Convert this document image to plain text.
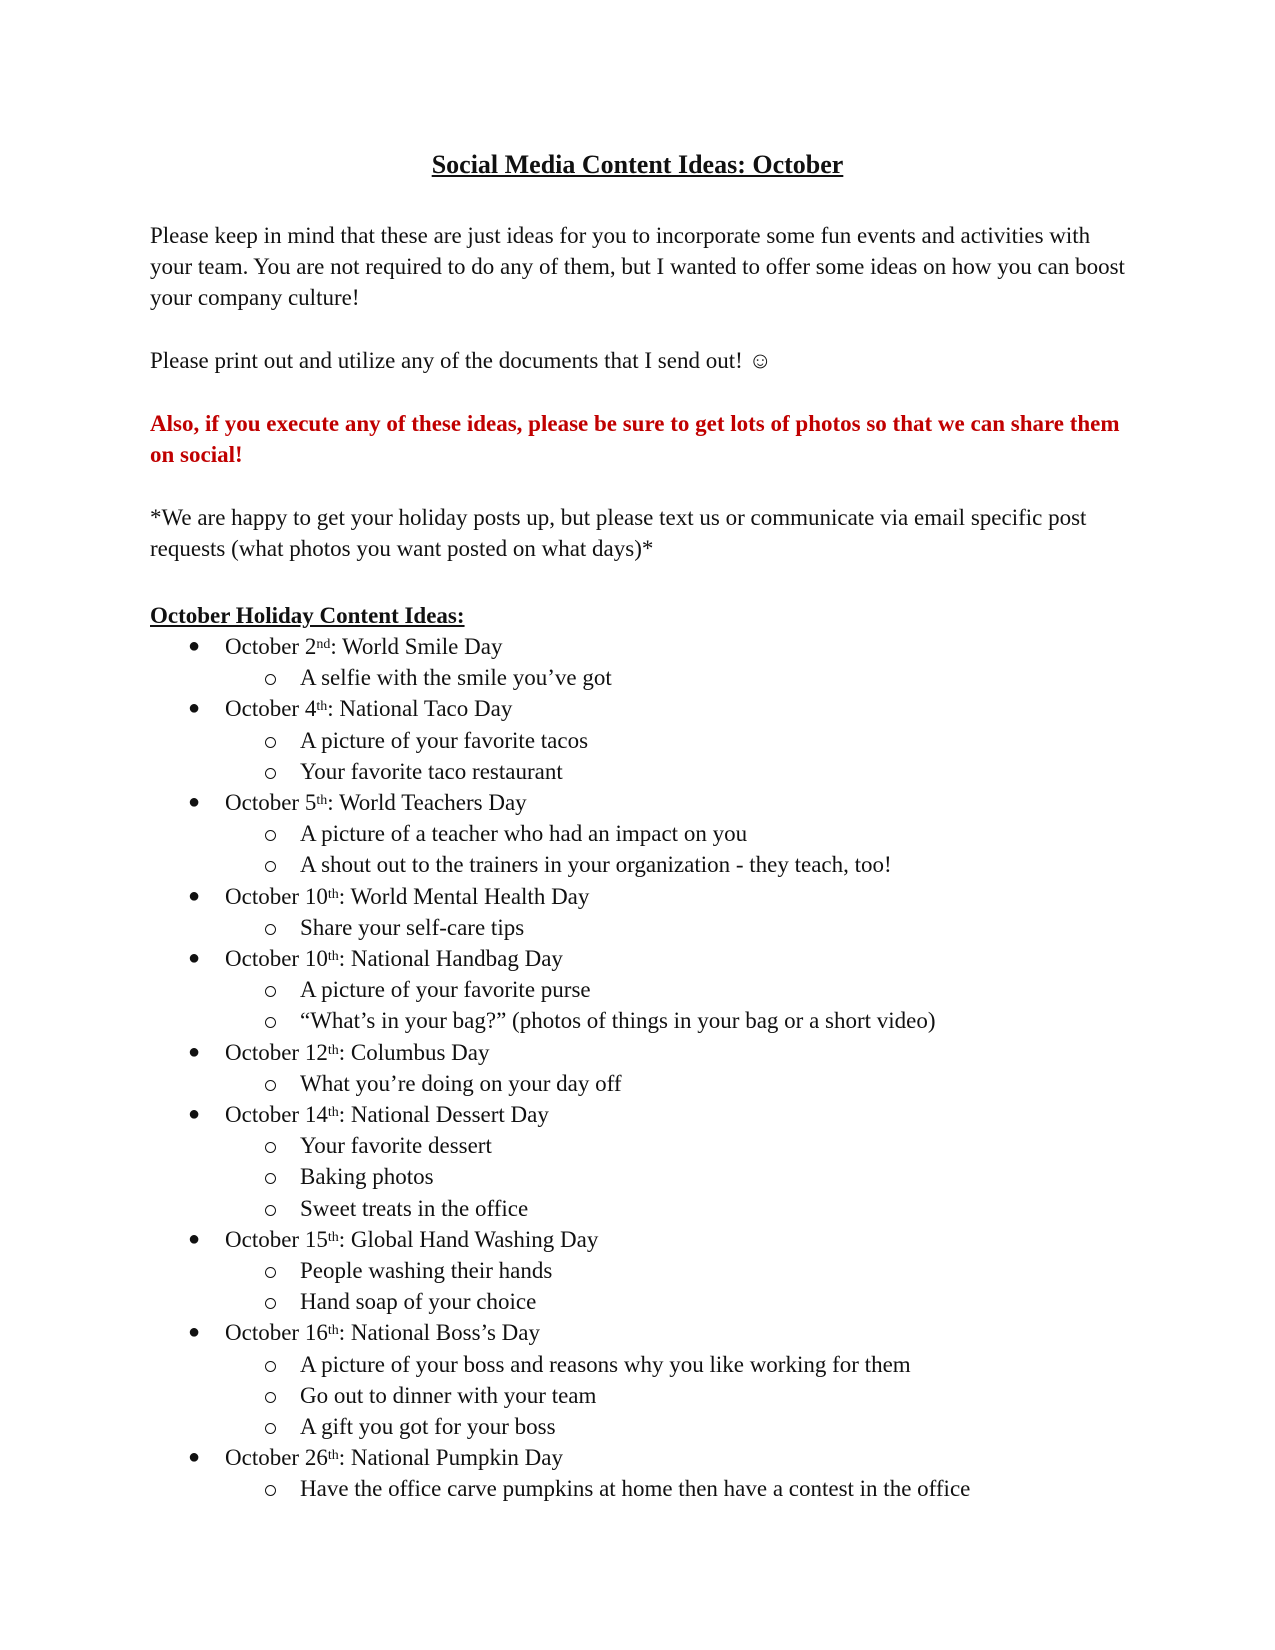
Social Media Content Ideas: October

Please keep in mind that these are just ideas for you to incorporate some fun events and activities with your team. You are not required to do any of them, but I wanted to offer some ideas on how you can boost your company culture!

Please print out and utilize any of the documents that I send out! ☺

Also, if you execute any of these ideas, please be sure to get lots of photos so that we can share them on social!

*We are happy to get your holiday posts up, but please text us or communicate via email specific post requests (what photos you want posted on what days)*

October Holiday Content Ideas:
● October 2nd: World Smile Day
A selfie with the smile you’ve got
● October 4th: National Taco Day
A picture of your favorite tacos
Your favorite taco restaurant
● October 5th: World Teachers Day
A picture of a teacher who had an impact on you
A shout out to the trainers in your organization - they teach, too!
● October 10th: World Mental Health Day
Share your self-care tips
● October 10th: National Handbag Day
A picture of your favorite purse
“What’s in your bag?” (photos of things in your bag or a short video)
● October 12th: Columbus Day
What you’re doing on your day off
● October 14th: National Dessert Day
Your favorite dessert
Baking photos
Sweet treats in the office
● October 15th: Global Hand Washing Day
People washing their hands
Hand soap of your choice
● October 16th: National Boss’s Day
A picture of your boss and reasons why you like working for them
Go out to dinner with your team
A gift you got for your boss
● October 26th: National Pumpkin Day
Have the office carve pumpkins at home then have a contest in the office
